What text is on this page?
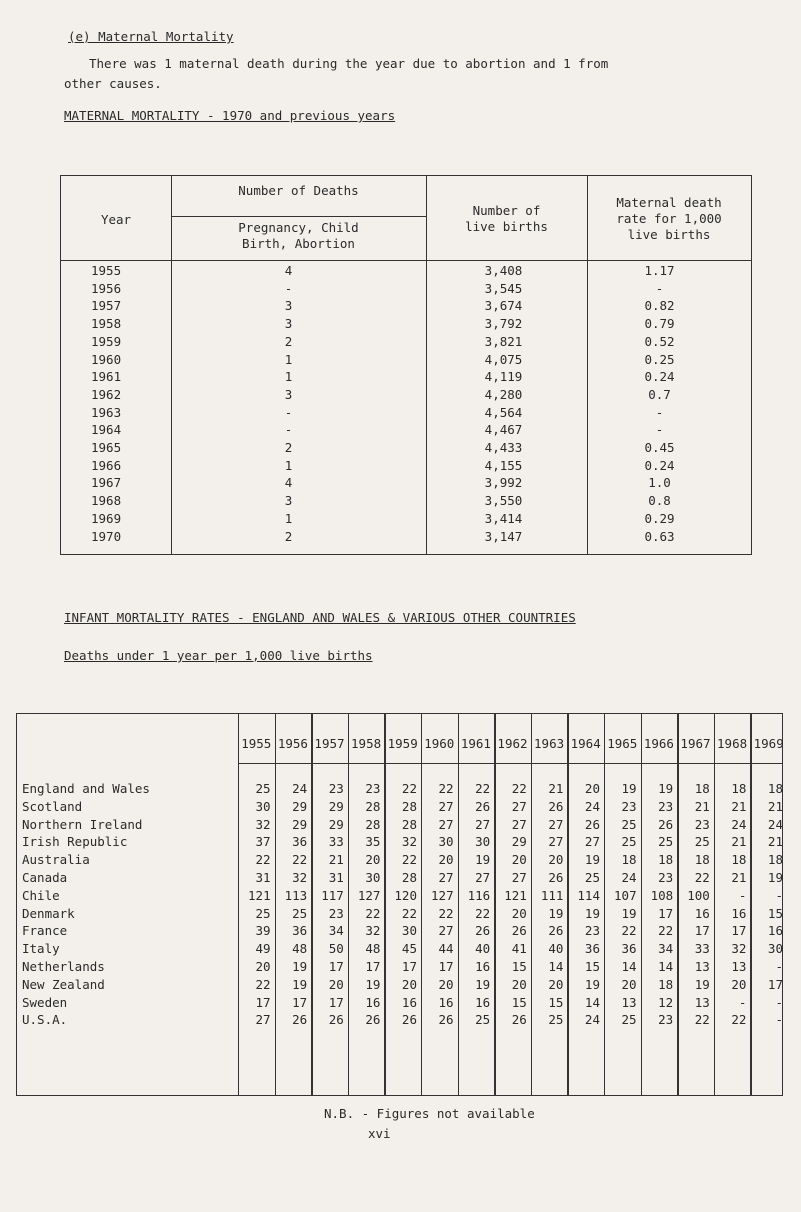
(e) Maternal Mortality
There was 1 maternal death during the year due to abortion and 1 from
other causes.
MATERNAL MORTALITY - 1970 and previous years
Year
Number of Deaths
Pregnancy, Child
Birth, Abortion
Number of
live births
Maternal death
rate for 1,000
live births
1955	4	3,408	1.17
1956	-	3,545	-
1957	3	3,674	0.82
1958	3	3,792	0.79
1959	2	3,821	0.52
1960	1	4,075	0.25
1961	1	4,119	0.24
1962	3	4,280	0.7
1963	-	4,564	-
1964	-	4,467	-
1965	2	4,433	0.45
1966	1	4,155	0.24
1967	4	3,992	1.0
1968	3	3,550	0.8
1969	1	3,414	0.29
1970	2	3,147	0.63
INFANT MORTALITY RATES - ENGLAND AND WALES & VARIOUS OTHER COUNTRIES
Deaths under 1 year per 1,000 live births
1955 1956 1957 1958 1959 1960 1961 1962 1963 1964 1965 1966 1967 1968 1969
England and Wales	25	24	23	23	22	22	22	22	21	20	19	19	18	18	18
Scotland	30	29	29	28	28	27	26	27	26	24	23	23	21	21	21
Northern Ireland	32	29	29	28	28	27	27	27	27	26	25	26	23	24	24
Irish Republic	37	36	33	35	32	30	30	29	27	27	25	25	25	21	21
Australia	22	22	21	20	22	20	19	20	20	19	18	18	18	18	18
Canada	31	32	31	30	28	27	27	27	26	25	24	23	22	21	19
Chile	121	113	117	127	120	127	116	121	111	114	107	108	100	-	-
Denmark	25	25	23	22	22	22	22	20	19	19	19	17	16	16	15
France	39	36	34	32	30	27	26	26	26	23	22	22	17	17	16
Italy	49	48	50	48	45	44	40	41	40	36	36	34	33	32	30
Netherlands	20	19	17	17	17	17	16	15	14	15	14	14	13	13	-
New Zealand	22	19	20	19	20	20	19	20	20	19	20	18	19	20	17
Sweden	17	17	17	16	16	16	16	15	15	14	13	12	13	-	-
U.S.A.	27	26	26	26	26	26	25	26	25	24	25	23	22	22	-
N.B. - Figures not available
xvi
